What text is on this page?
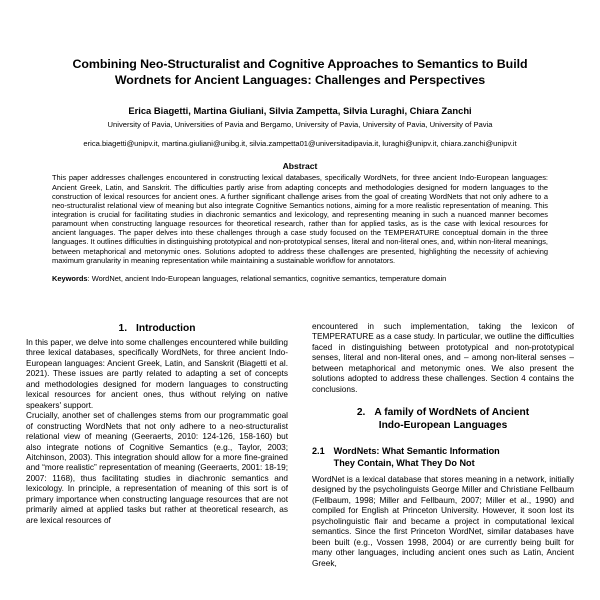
Combining Neo-Structuralist and Cognitive Approaches to Semantics to Build Wordnets for Ancient Languages: Challenges and Perspectives
Erica Biagetti, Martina Giuliani, Silvia Zampetta, Silvia Luraghi, Chiara Zanchi
University of Pavia, Universities of Pavia and Bergamo, University of Pavia, University of Pavia, University of Pavia
erica.biagetti@unipv.it, martina.giuliani@unibg.it, silvia.zampetta01@universitadipavia.it, luraghi@unipv.it, chiara.zanchi@unipv.it
Abstract

This paper addresses challenges encountered in constructing lexical databases, specifically WordNets, for three ancient Indo-European languages: Ancient Greek, Latin, and Sanskrit. The difficulties partly arise from adapting concepts and methodologies designed for modern languages to the construction of lexical resources for ancient ones. A further significant challenge arises from the goal of creating WordNets that not only adhere to a neo-structuralist relational view of meaning but also integrate Cognitive Semantics notions, aiming for a more realistic representation of meaning. This integration is crucial for facilitating studies in diachronic semantics and lexicology, and representing meaning in such a nuanced manner becomes paramount when constructing language resources for theoretical research, rather than for applied tasks, as is the case with lexical resources for ancient languages. The paper delves into these challenges through a case study focused on the TEMPERATURE conceptual domain in the three languages. It outlines difficulties in distinguishing prototypical and non-prototypical senses, literal and non-literal ones, and, within non-literal meanings, between metaphorical and metonymic ones. Solutions adopted to address these challenges are presented, highlighting the necessity of achieving maximum granularity in meaning representation while maintaining a sustainable workflow for annotators.

Keywords: WordNet, ancient Indo-European languages, relational semantics, cognitive semantics, temperature domain

1. Introduction

In this paper, we delve into some challenges encountered while building three lexical databases, specifically WordNets, for three ancient Indo-European languages: Ancient Greek, Latin, and Sanskrit (Biagetti et al. 2021). These issues are partly related to adapting a set of concepts and methodologies designed for modern languages to constructing lexical resources for ancient ones, thus without relying on native speakers' support.

Crucially, another set of challenges stems from our programmatic goal of constructing WordNets that not only adhere to a neo-structuralist relational view of meaning (Geeraerts, 2010: 124-126, 158-160) but also integrate notions of Cognitive Semantics (e.g., Taylor, 2003; Aitchinson, 2003). This integration should allow for a more fine-grained and “more realistic” representation of meaning (Geeraerts, 2001: 18-19; 2007: 1168), thus facilitating studies in diachronic semantics and lexicology. In principle, a representation of meaning of this sort is of primary importance when constructing language resources that are not primarily aimed at applied tasks but rather at theoretical research, as are lexical resources of

encountered in such implementation, taking the lexicon of TEMPERATURE as a case study. In particular, we outline the difficulties faced in distinguishing between prototypical and non-prototypical senses, literal and non-literal ones, and – among non-literal senses – between metaphorical and metonymic ones. We also present the solutions adopted to address these challenges. Section 4 contains the conclusions.

2. A family of WordNets of Ancient
Indo-European Languages
2.1 WordNets: What Semantic Information
They Contain, What They Do Not

WordNet is a lexical database that stores meaning in a network, initially designed by the psycholinguists George Miller and Christiane Fellbaum (Fellbaum, 1998; Miller and Fellbaum, 2007; Miller et al., 1990) and compiled for English at Princeton University. However, it soon lost its psycholinguistic flair and became a project in computational lexical semantics. Since the first Princeton WordNet, similar databases have been built (e.g., Vossen 1998, 2004) or are currently being built for many other languages, including ancient ones such as Latin, Ancient Greek,
